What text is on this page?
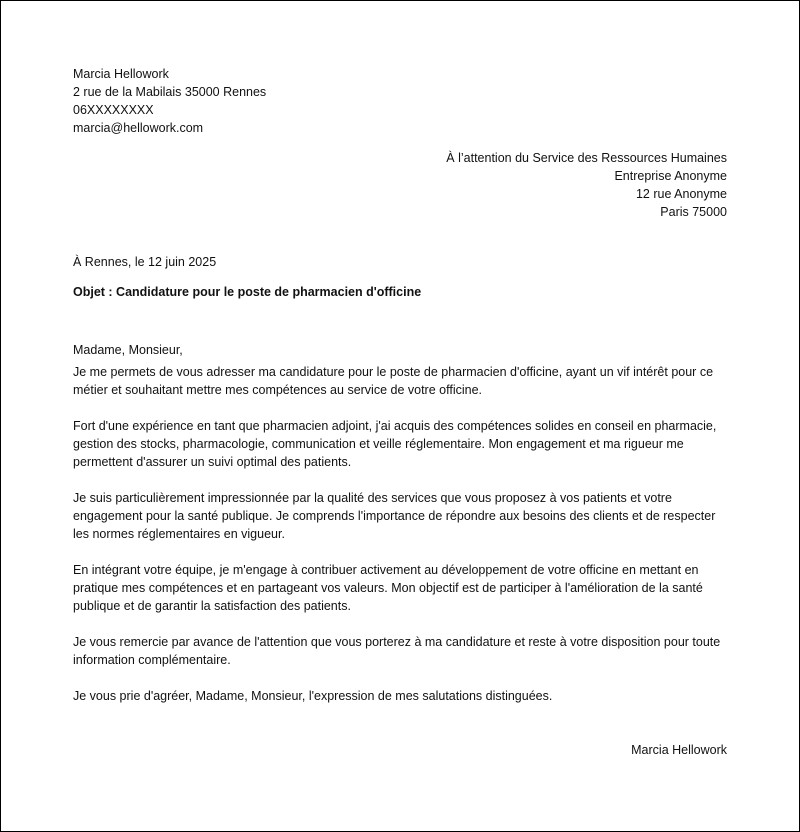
Marcia Hellowork
2 rue de la Mabilais 35000 Rennes
06XXXXXXXX
marcia@hellowork.com
À l’attention du Service des Ressources Humaines
Entreprise Anonyme
12 rue Anonyme
Paris 75000
À Rennes, le 12 juin 2025
Objet : Candidature pour le poste de pharmacien d'officine
Madame, Monsieur,
Je me permets de vous adresser ma candidature pour le poste de pharmacien d'officine, ayant un vif intérêt pour ce métier et souhaitant mettre mes compétences au service de votre officine.
Fort d'une expérience en tant que pharmacien adjoint, j'ai acquis des compétences solides en conseil en pharmacie, gestion des stocks, pharmacologie, communication et veille réglementaire. Mon engagement et ma rigueur me permettent d'assurer un suivi optimal des patients.
Je suis particulièrement impressionnée par la qualité des services que vous proposez à vos patients et votre engagement pour la santé publique. Je comprends l'importance de répondre aux besoins des clients et de respecter les normes réglementaires en vigueur.
En intégrant votre équipe, je m'engage à contribuer activement au développement de votre officine en mettant en pratique mes compétences et en partageant vos valeurs. Mon objectif est de participer à l'amélioration de la santé publique et de garantir la satisfaction des patients.
Je vous remercie par avance de l'attention que vous porterez à ma candidature et reste à votre disposition pour toute information complémentaire.
Je vous prie d'agréer, Madame, Monsieur, l'expression de mes salutations distinguées.
Marcia Hellowork
